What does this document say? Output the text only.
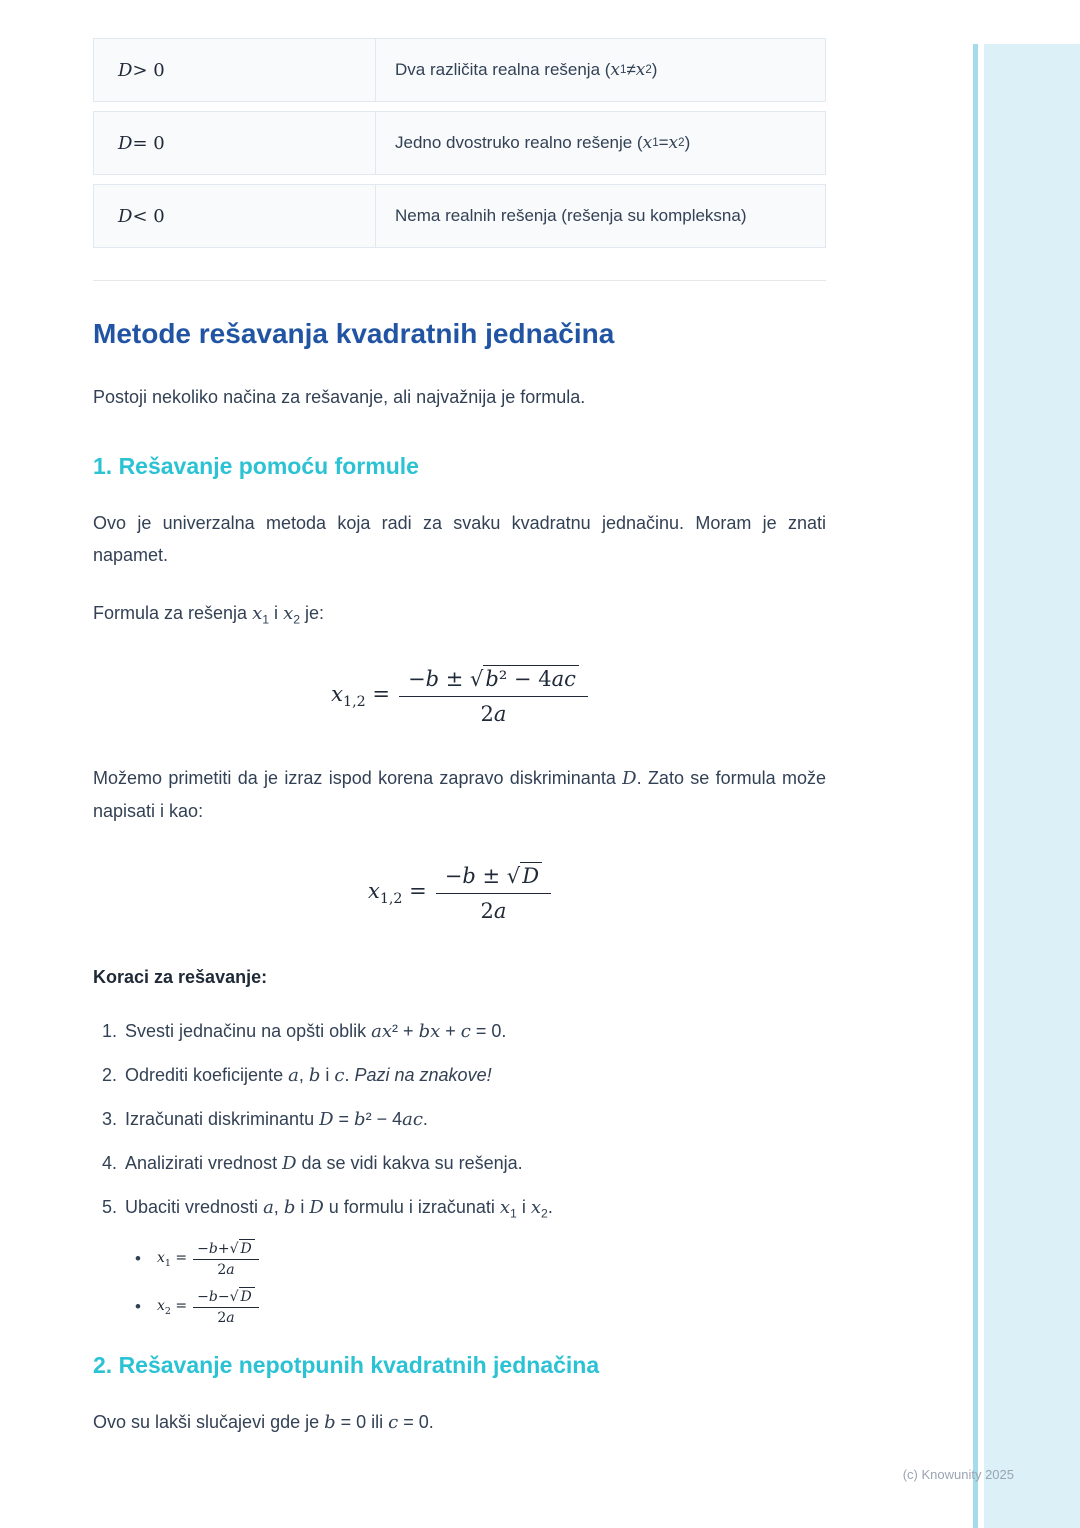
D > 0	Dva različita realna rešenja ( x 1 ≠ x 2 )
D = 0	Jedno dvostruko realno rešenje ( x 1 = x 2 )
D < 0	Nema realnih rešenja (rešenja su kompleksna)
Metode rešavanja kvadratnih jednačina

Postoji nekoliko načina za rešavanje, ali najvažnija je formula.

1. Rešavanje pomoću formule

Ovo je univerzalna metoda koja radi za svaku kvadratnu jednačinu. Moram je znati napamet.

Formula za rešenja $x_1$ i $x_2$ je:

$x_{1,2} = \frac{\text{−b ± √b² − 4ac}}{2a}$

Možemo primetiti da je izraz ispod korena zapravo diskriminanta D. Zato se formula može napisati i kao:

$x_{1,2} = \frac{-b \pm √D}{2a}$
Koraci za rešavanje:
1. Svesti jednačinu na opšti oblik ax² + bx + c = 0.
2. Odrediti koeficijente a, b i c. Pazi na znakove!
3. Izračunati diskriminantu D = b² − 4ac.
4. Analizirati vrednost D da se vidi kakva su rešenja.
5. Ubaciti vrednosti a, b i D u formulu i izračunati $x_1$ i $x_2$.
•	$x_1 = \frac{-b+√ D}{2a}$
•	$x_2 = \frac{-b-√ D}{2a}$
2. Rešavanje nepotpunih kvadratnih jednačina

Ovo su lakši slučajevi gde je b = 0 ili c = 0.

(c) Knowunity 2025
